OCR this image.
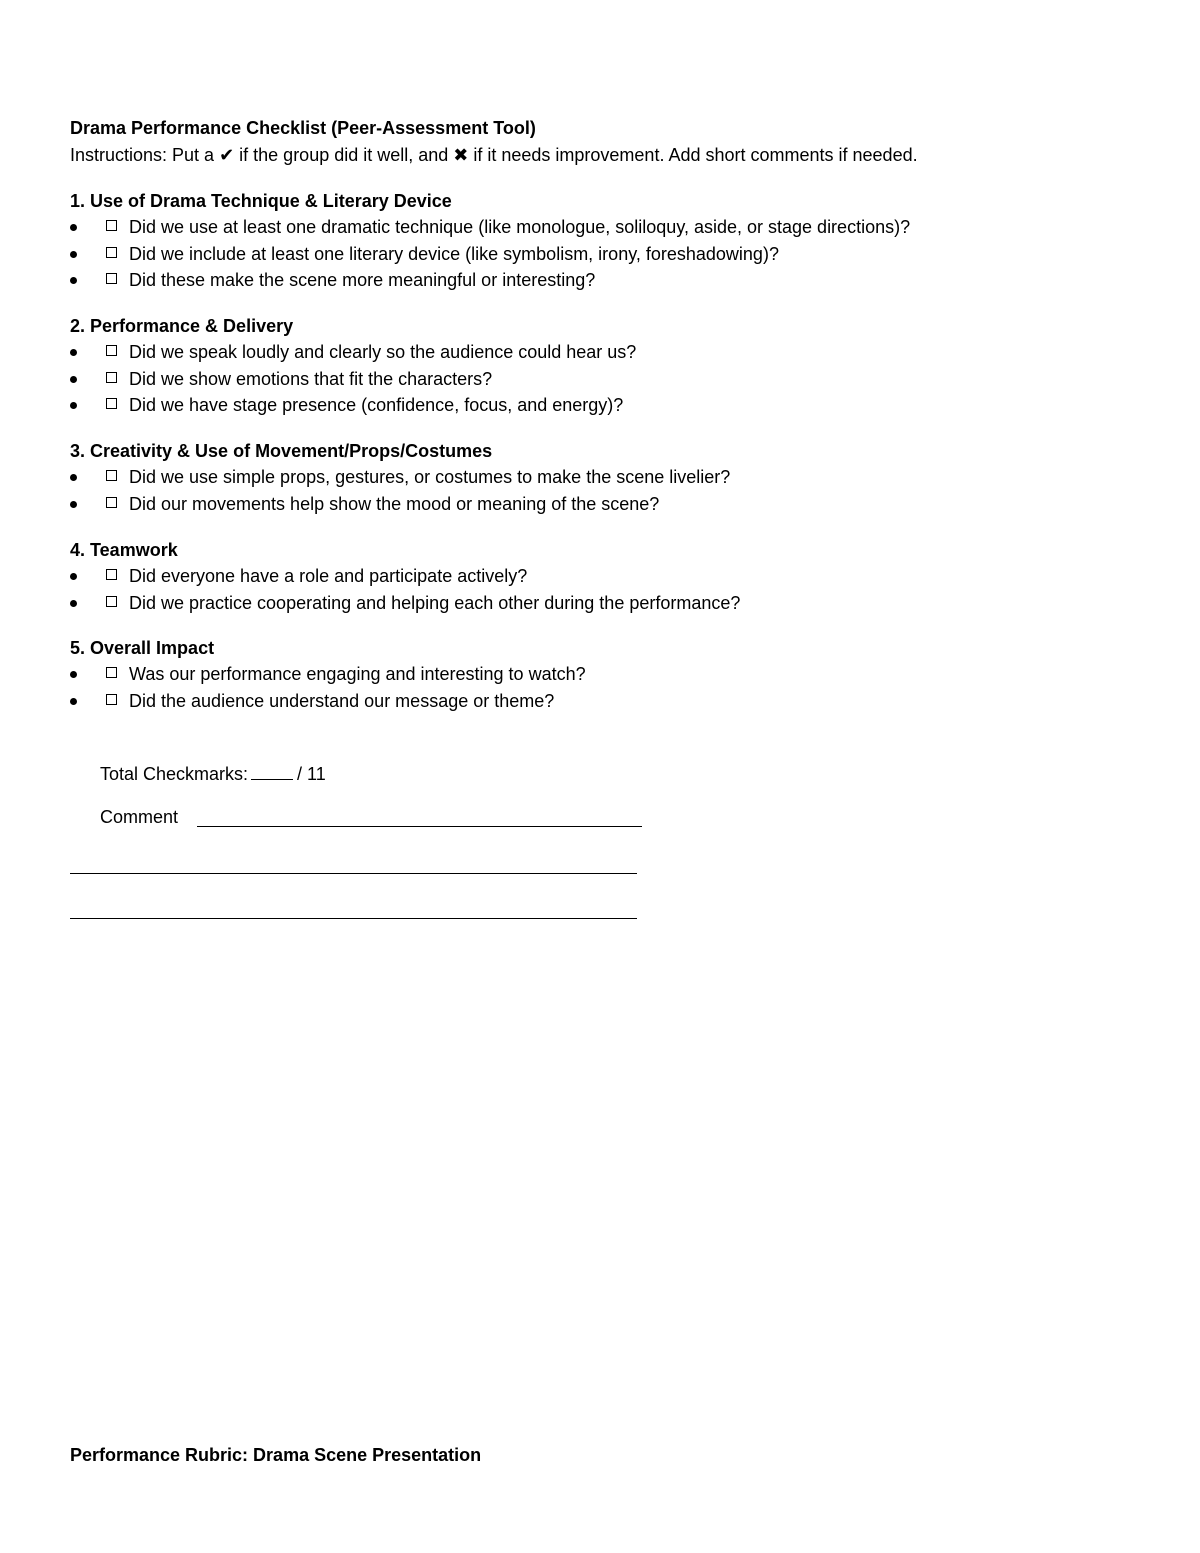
Drama Performance Checklist (Peer-Assessment Tool)
Instructions: Put a ✔ if the group did it well, and ✖ if it needs improvement. Add short comments if needed.
1. Use of Drama Technique & Literary Device
Did we use at least one dramatic technique (like monologue, soliloquy, aside, or stage directions)?
Did we include at least one literary device (like symbolism, irony, foreshadowing)?
Did these make the scene more meaningful or interesting?
2. Performance & Delivery
Did we speak loudly and clearly so the audience could hear us?
Did we show emotions that fit the characters?
Did we have stage presence (confidence, focus, and energy)?
3. Creativity & Use of Movement/Props/Costumes
Did we use simple props, gestures, or costumes to make the scene livelier?
Did our movements help show the mood or meaning of the scene?
4. Teamwork
Did everyone have a role and participate actively?
Did we practice cooperating and helping each other during the performance?
5. Overall Impact
Was our performance engaging and interesting to watch?
Did the audience understand our message or theme?
Total Checkmarks:	/ 11
Comment
Performance Rubric: Drama Scene Presentation
